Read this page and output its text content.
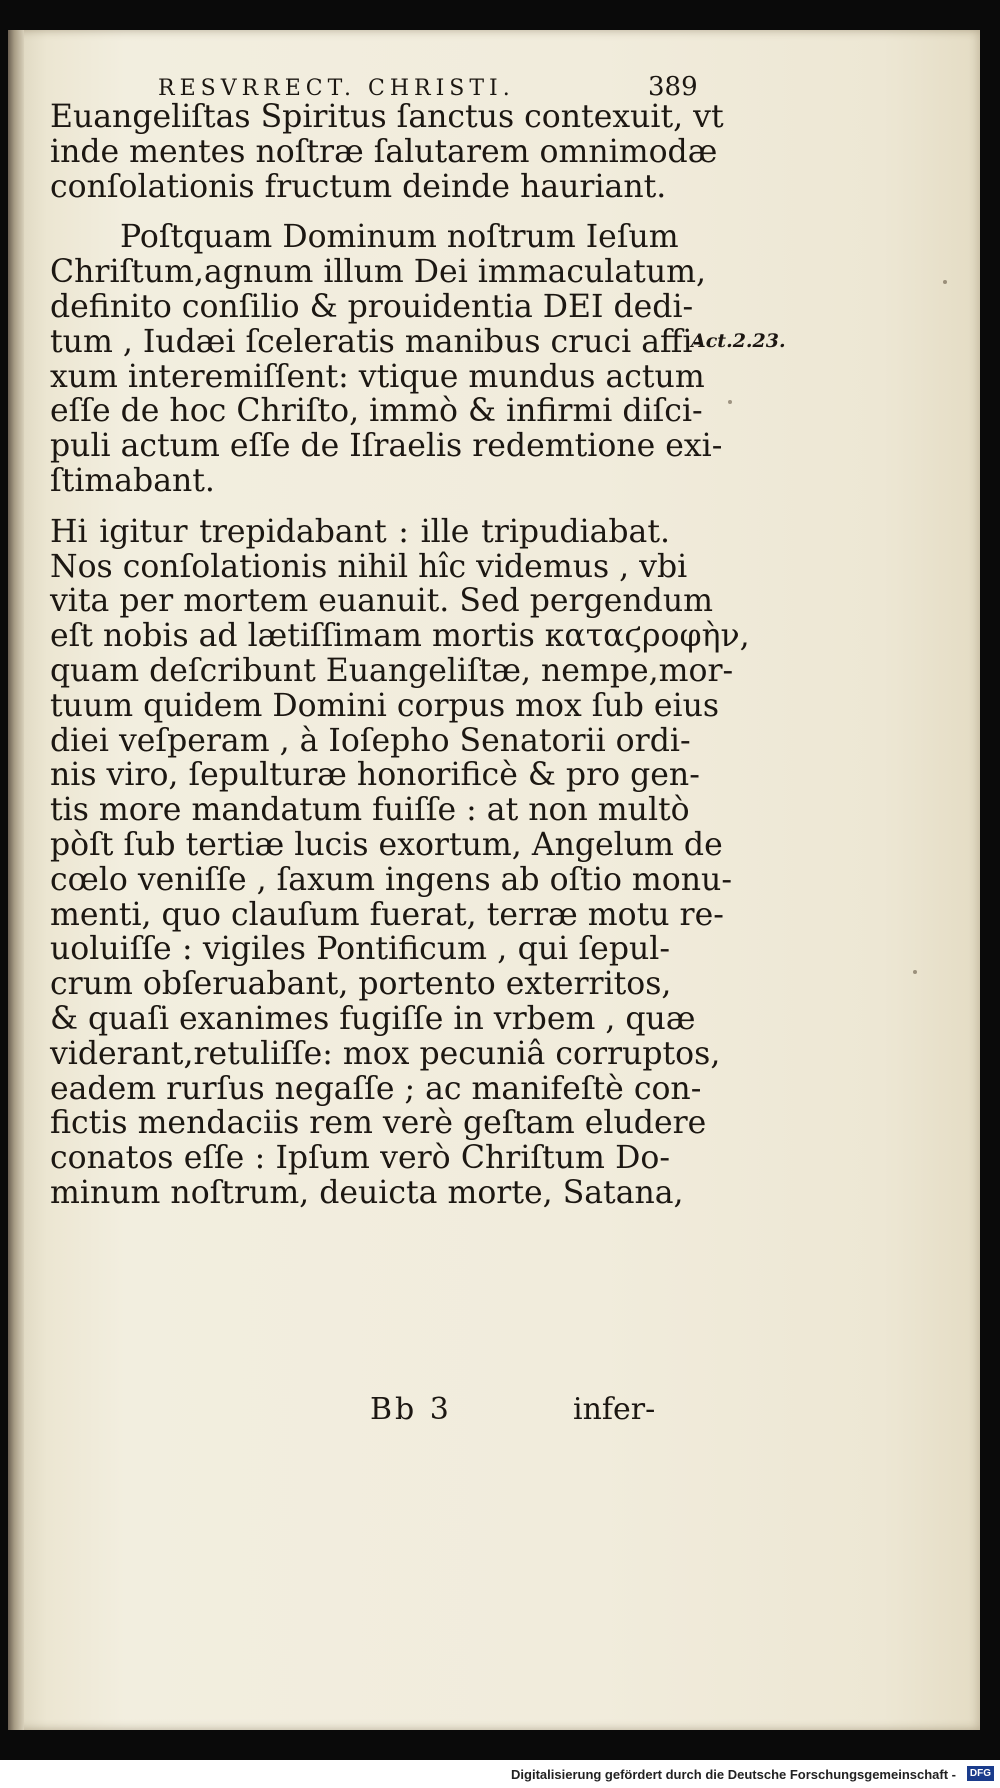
RESVRRECT. CHRISTI.	389
Act.2.23.
Euangeliſtas Spiritus ſanctus contexuit, vt
inde mentes noſtræ ſalutarem omnimodæ
conſolationis fructum deinde hauriant.
Poſtquam Dominum noſtrum Ieſum
Chriſtum,agnum illum Dei immaculatum,
definito conſilio & prouidentia DEI dedi-
tum , Iudæi ſceleratis manibus cruci affi-
xum interemiſſent: vtique mundus actum
eſſe de hoc Chriſto, immò & infirmi diſci-
puli actum eſſe de Iſraelis redemtione exi-
ſtimabant.
Hi igitur trepidabant : ille tripudiabat.
Nos conſolationis nihil hîc videmus , vbi
vita per mortem euanuit. Sed pergendum
eſt nobis ad lætiſſimam mortis καταϛροφὴν,
quam deſcribunt Euangeliſtæ, nempe,mor-
tuum quidem Domini corpus mox ſub eius
diei veſperam , à Ioſepho Senatorii ordi-
nis viro, ſepulturæ honorificè & pro gen-
tis more mandatum fuiſſe : at non multò
pòſt ſub tertiæ lucis exortum, Angelum de
cœlo veniſſe , ſaxum ingens ab oſtio monu-
menti, quo clauſum fuerat, terræ motu re-
uoluiſſe : vigiles Pontificum , qui ſepul-
crum obſeruabant, portento exterritos,
& quaſi exanimes fugiſſe in vrbem , quæ
viderant,retuliſſe: mox pecuniâ corruptos,
eadem rurſus negaſſe ; ac manifeſtè con-
fictis mendaciis rem verè geſtam eludere
conatos eſſe : Ipſum verò Chriſtum Do-
minum noſtrum, deuicta morte, Satana,
Bb 3	infer-
Digitalisierung gefördert durch die Deutsche Forschungsgemeinschaft -	DFG
